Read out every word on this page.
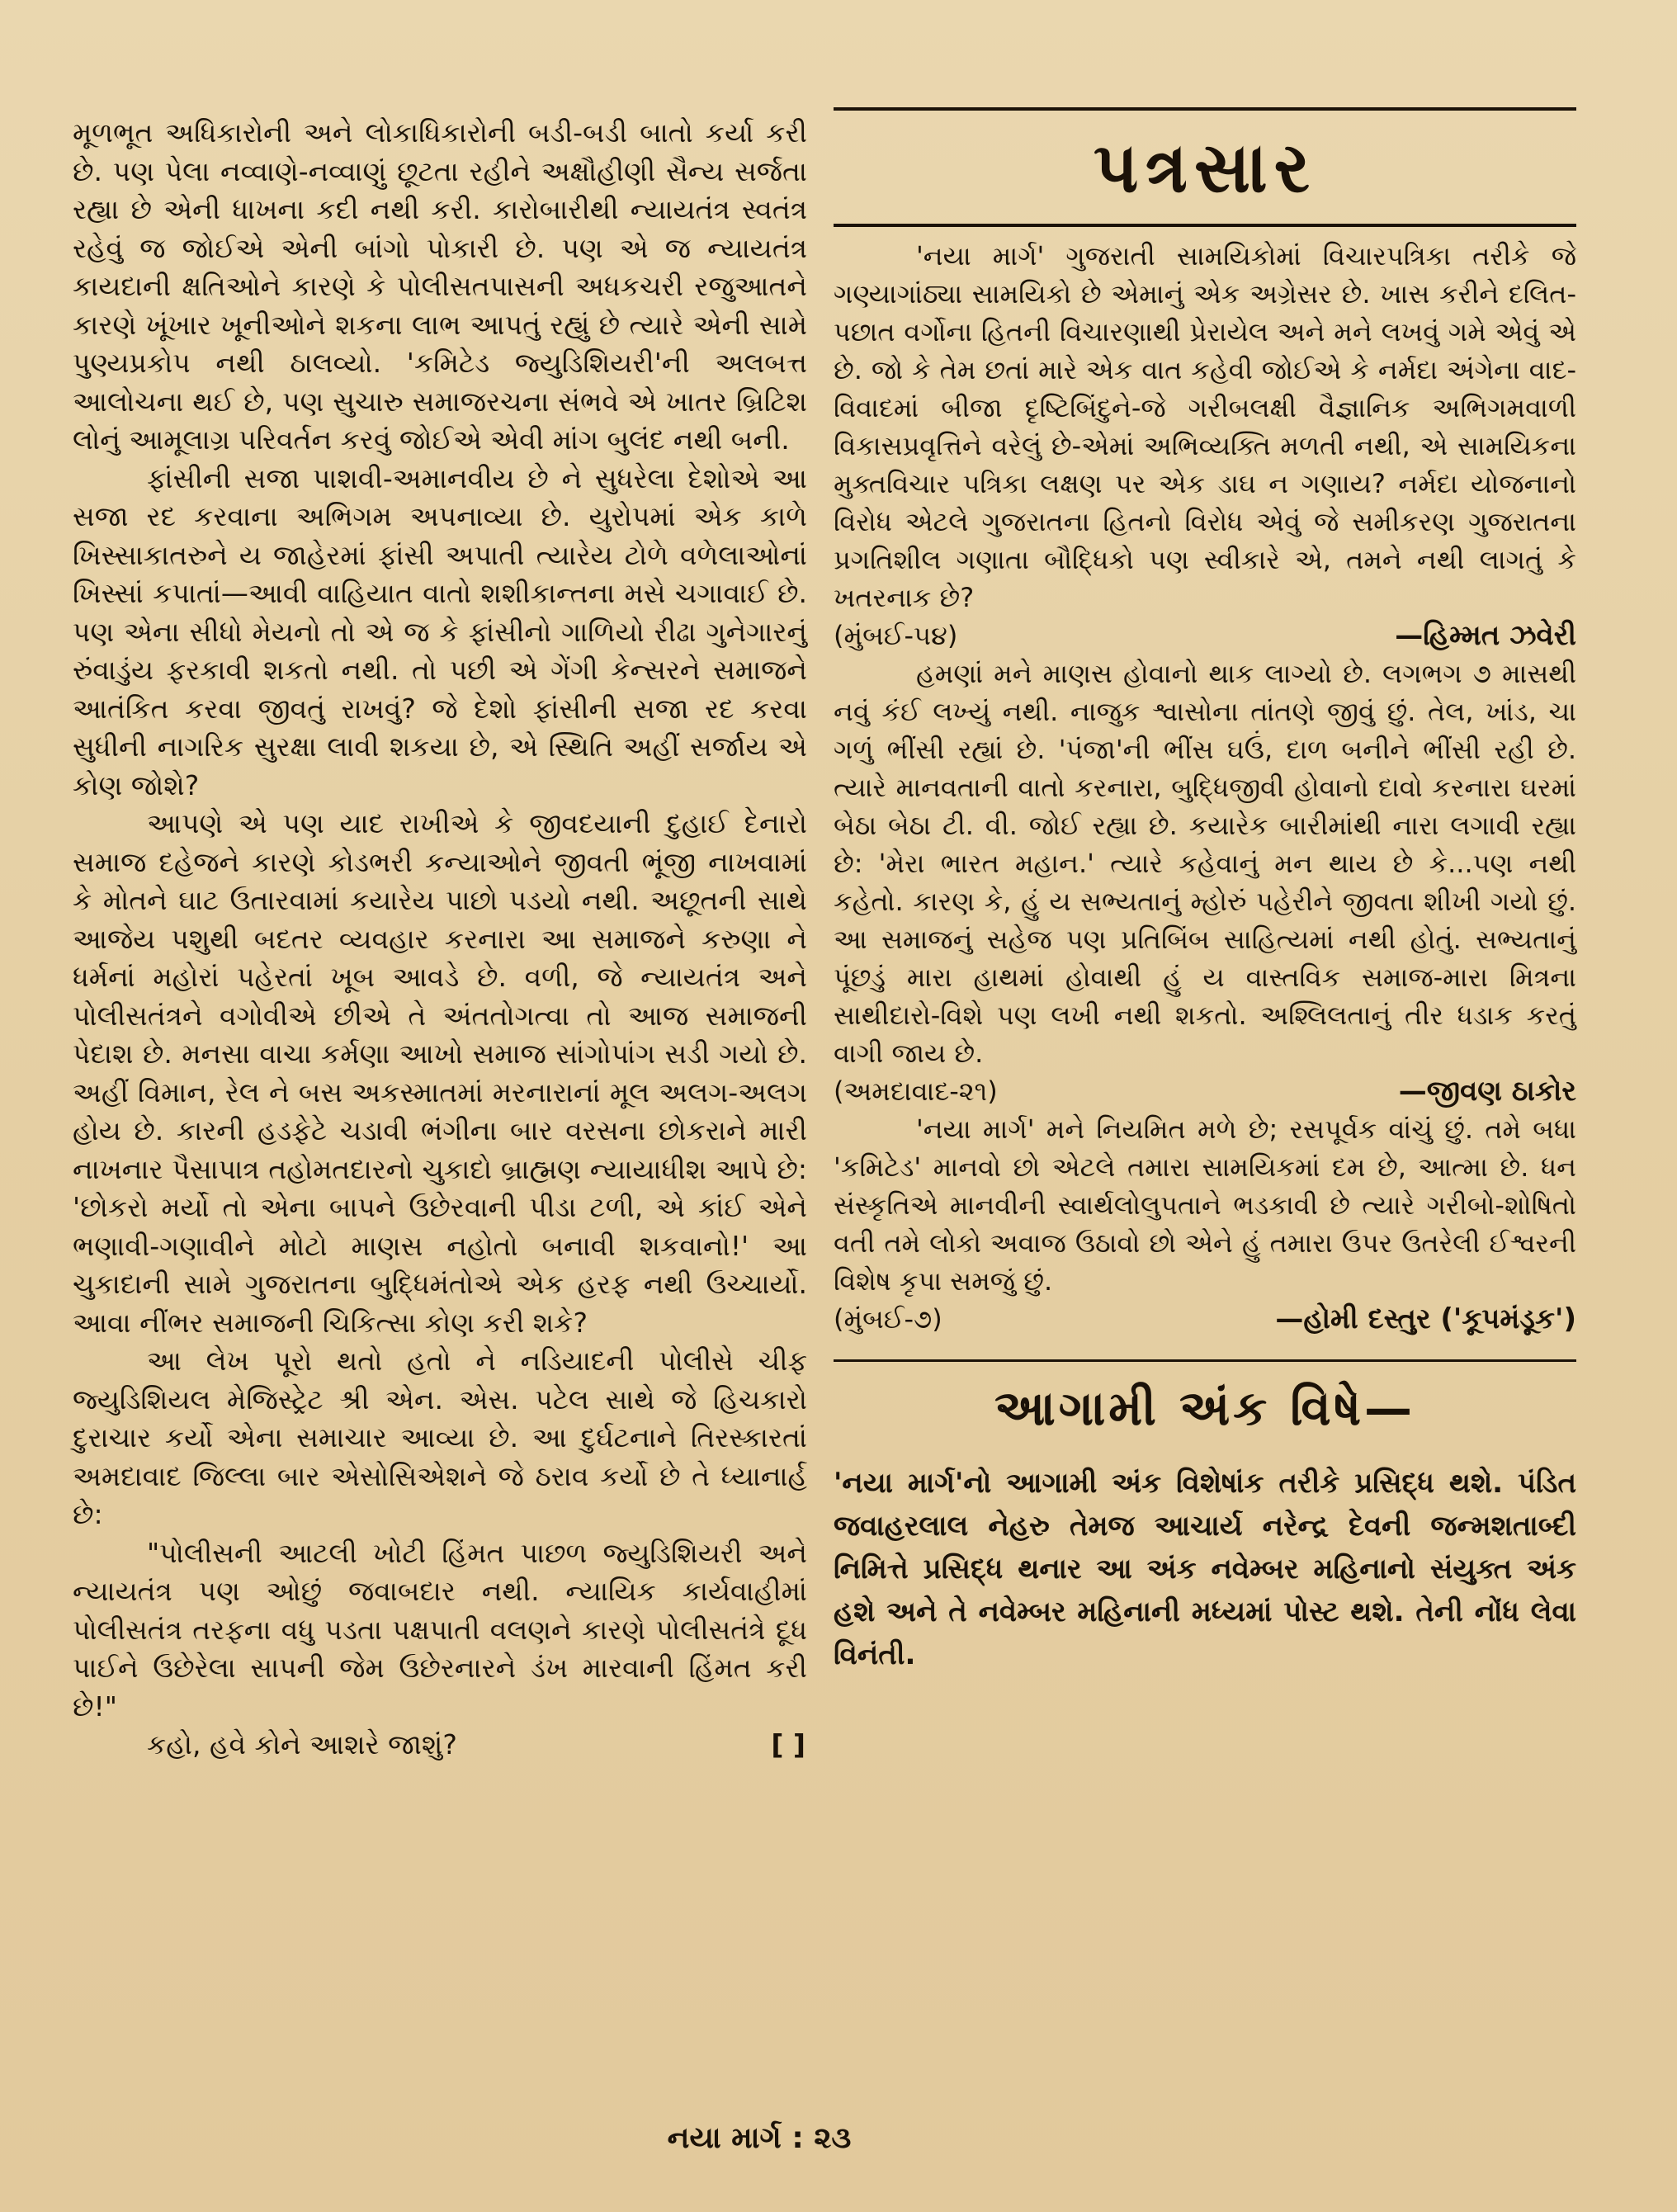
મૂળભૂત અધિકારોની અને લોકાધિકારોની બડી-બડી બાતો કર્યા કરી છે. પણ પેલા નવ્વાણે-નવ્વાણું છૂટતા રહીને અક્ષૌહીણી સૈન્ય સર્જતા રહ્યા છે એની ધાખના કદી નથી કરી. કારોબારીથી ન્યાયતંત્ર સ્વતંત્ર રહેવું જ જોઈએ એની બાંગો પોકારી છે. પણ એ જ ન્યાયતંત્ર કાયદાની ક્ષતિઓને કારણે કે પોલીસતપાસની અધકચરી રજુઆતને કારણે ખૂંખાર ખૂનીઓને શકના લાભ આપતું રહ્યું છે ત્યારે એની સામે પુણ્યપ્રકોપ નથી ઠાલવ્યો. 'કમિટેડ જ્યુડિશિયરી'ની અલબત્ત આલોચના થઈ છે, પણ સુચારુ સમાજરચના સંભવે એ ખાતર બ્રિટિશ લોનું આમૂલાગ્ર પરિવર્તન કરવું જોઈએ એવી માંગ બુલંદ નથી બની.

ફાંસીની સજા પાશવી-અમાનવીય છે ને સુધરેલા દેશોએ આ સજા રદ કરવાના અભિગમ અપનાવ્યા છે. યુરોપમાં એક કાળે ખિસ્સાકાતરુને ય જાહેરમાં ફાંસી અપાતી ત્યારેય ટોળે વળેલાઓનાં ખિસ્સાં કપાતાં—આવી વાહિયાત વાતો શશીકાન્તના મસે ચગાવાઈ છે. પણ એના સીધો મેયનો તો એ જ કે ફાંસીનો ગાળિયો રીઢા ગુનેગારનું રુંવાડુંય ફરકાવી શકતો નથી. તો પછી એ ગેંગી કેન્સરને સમાજને આતંકિત કરવા જીવતું રાખવું? જે દેશો ફાંસીની સજા રદ કરવા સુધીની નાગરિક સુરક્ષા લાવી શકયા છે, એ સ્થિતિ અહીં સર્જાય એ કોણ જોશે?

આપણે એ પણ યાદ રાખીએ કે જીવદયાની દુહાઈ દેનારો સમાજ દહેજને કારણે કોડભરી કન્યાઓને જીવતી ભૂંજી નાખવામાં કે મોતને ઘાટ ઉતારવામાં કયારેય પાછો પડયો નથી. અછૂતની સાથે આજેય પશુથી બદતર વ્યવહાર કરનારા આ સમાજને કરુણા ને ધર્મનાં મહોરાં પહેરતાં ખૂબ આવડે છે. વળી, જે ન્યાયતંત્ર અને પોલીસતંત્રને વગોવીએ છીએ તે અંતતોગત્વા તો આજ સમાજની પેદાશ છે. મનસા વાચા કર્મણા આખો સમાજ સાંગોપાંગ સડી ગયો છે. અહીં વિમાન, રેલ ને બસ અકસ્માતમાં મરનારાનાં મૂલ અલગ-અલગ હોય છે. કારની હડફેટે ચડાવી ભંગીના બાર વરસના છોકરાને મારી નાખનાર પૈસાપાત્ર તહોમતદારનો ચુકાદો બ્રાહ્મણ ન્યાયાધીશ આપે છે: 'છોકરો મર્યો તો એના બાપને ઉછેરવાની પીડા ટળી, એ કાંઈ એને ભણાવી-ગણાવીને મોટો માણસ નહોતો બનાવી શકવાનો!' આ ચુકાદાની સામે ગુજરાતના બુદ્ધિમંતોએ એક હરફ નથી ઉચ્ચાર્યો. આવા નીંભર સમાજની ચિકિત્સા કોણ કરી શકે?

આ લેખ પૂરો થતો હતો ને નડિયાદની પોલીસે ચીફ જ્યુડિશિયલ મેજિસ્ટ્રેટ શ્રી એન. એસ. પટેલ સાથે જે હિચકારો દુરાચાર કર્યો એના સમાચાર આવ્યા છે. આ દુર્ઘટનાને તિરસ્કારતાં અમદાવાદ જિલ્લા બાર એસોસિએશને જે ઠરાવ કર્યો છે તે ધ્યાનાર્હ છે:

"પોલીસની આટલી ખોટી હિંમત પાછળ જ્યુડિશિયરી અને ન્યાયતંત્ર પણ ઓછું જવાબદાર નથી. ન્યાયિક કાર્યવાહીમાં પોલીસતંત્ર તરફના વધુ પડતા પક્ષપાતી વલણને કારણે પોલીસતંત્રે દૂધ પાઈને ઉછેરેલા સાપની જેમ ઉછેરનારને ડંખ મારવાની હિંમત કરી છે!"

કહો, હવે કોને આશરે જાશું?	[ ]

પત્રસાર

'નયા માર્ગ' ગુજરાતી સામયિકોમાં વિચારપત્રિકા તરીકે જે ગણ્યાગાંઠ્યા સામયિકો છે એમાનું એક અગ્રેસર છે. ખાસ કરીને દલિત-પછાત વર્ગોના હિતની વિચારણાથી પ્રેરાયેલ અને મને લખવું ગમે એવું એ છે. જો કે તેમ છતાં મારે એક વાત કહેવી જોઈએ કે નર્મદા અંગેના વાદ-વિવાદમાં બીજા દૃષ્ટિબિંદુને-જે ગરીબલક્ષી વૈજ્ઞાનિક અભિગમવાળી વિકાસપ્રવૃત્તિને વરેલું છે-એમાં અભિવ્યક્તિ મળતી નથી, એ સામયિકના મુક્તવિચાર પત્રિકા લક્ષણ પર એક ડાઘ ન ગણાય? નર્મદા યોજનાનો વિરોધ એટલે ગુજરાતના હિતનો વિરોધ એવું જે સમીકરણ ગુજરાતના પ્રગતિશીલ ગણાતા બૌદ્ધિકો પણ સ્વીકારે એ, તમને નથી લાગતું કે ખતરનાક છે?

(મુંબઈ-૫૪)	—હિમ્મત ઝવેરી

હમણાં મને માણસ હોવાનો થાક લાગ્યો છે. લગભગ ૭ માસથી નવું કંઈ લખ્યું નથી. નાજુક શ્વાસોના તાંતણે જીવું છું. તેલ, ખાંડ, ચા ગળું ભીંસી રહ્યાં છે. 'પંજા'ની ભીંસ ઘઉં, દાળ બનીને ભીંસી રહી છે. ત્યારે માનવતાની વાતો કરનારા, બુદ્ધિજીવી હોવાનો દાવો કરનારા ઘરમાં બેઠા બેઠા ટી. વી. જોઈ રહ્યા છે. કયારેક બારીમાંથી નારા લગાવી રહ્યા છે: 'મેરા ભારત મહાન.' ત્યારે કહેવાનું મન થાય છે કે...પણ નથી કહેતો. કારણ કે, હું ય સભ્યતાનું મ્હોરું પહેરીને જીવતા શીખી ગયો છું. આ સમાજનું સહેજ પણ પ્રતિબિંબ સાહિત્યમાં નથી હોતું. સભ્યતાનું પૂંછડું મારા હાથમાં હોવાથી હું ય વાસ્તવિક સમાજ-મારા મિત્રના સાથીદારો-વિશે પણ લખી નથી શકતો. અશ્લિલતાનું તીર ધડાક કરતું વાગી જાય છે.

(અમદાવાદ-૨૧)	—જીવણ ઠાકોર

'નયા માર્ગ' મને નિયમિત મળે છે; રસપૂર્વક વાંચું છું. તમે બધા 'કમિટેડ' માનવો છો એટલે તમારા સામયિકમાં દમ છે, આત્મા છે. ધન સંસ્કૃતિએ માનવીની સ્વાર્થલોલુપતાને ભડકાવી છે ત્યારે ગરીબો-શોષિતો વતી તમે લોકો અવાજ ઉઠાવો છો એને હું તમારા ઉપર ઉતરેલી ઈશ્વરની વિશેષ કૃપા સમજું છું.

(મુંબઈ-૭)	—હોમી દસ્તુર ('કૂપમંડૂક')
આગામી અંક વિષે—
'નયા માર્ગ'નો આગામી અંક વિશેષાંક તરીકે પ્રસિદ્ધ થશે. પંડિત જવાહરલાલ નેહરુ તેમજ આચાર્ય નરેન્દ્ર દેવની જન્મશતાબ્દી નિમિત્તે પ્રસિદ્ધ થનાર આ અંક નવેમ્બર મહિનાનો સંયુક્ત અંક હશે અને તે નવેમ્બર મહિનાની મધ્યમાં પોસ્ટ થશે. તેની નોંધ લેવા વિનંતી.
નયા માર્ગ : ૨૩
